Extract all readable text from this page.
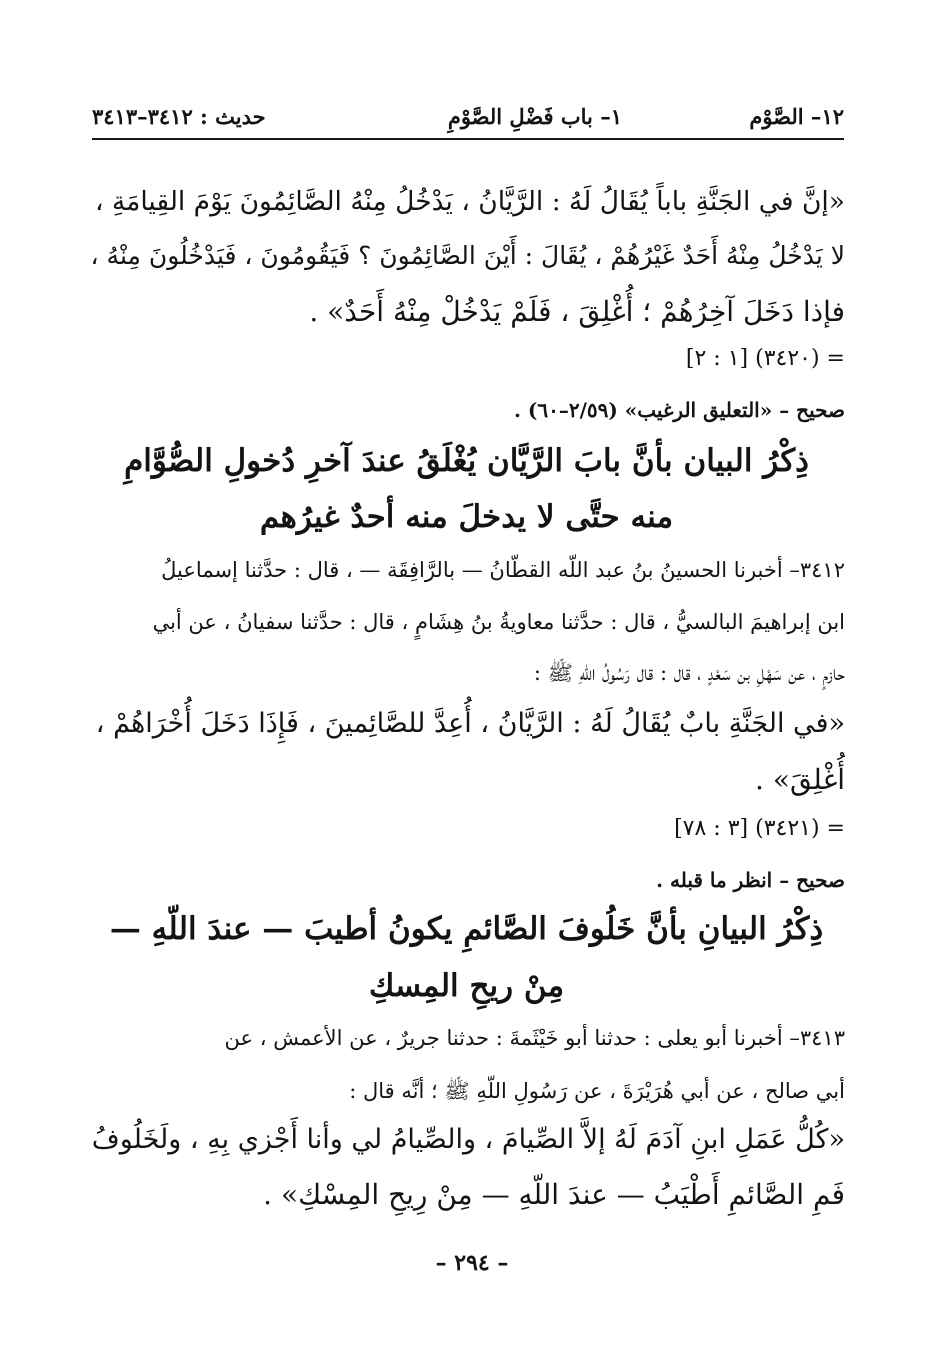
١٢– الصَّوْم
١– باب فَضْلِ الصَّوْمِ
حديث : ٣٤١٢–٣٤١٣
«إنَّ في الجَنَّةِ باباً يُقَالُ لَهُ : الرَّيَّانُ ، يَدْخُلُ مِنْهُ الصَّائِمُونَ يَوْمَ القِيامَةِ ،
لا يَدْخُلُ مِنْهُ أَحَدٌ غَيْرُهُمْ ، يُقَالَ : أَيْنَ الصَّائِمُونَ ؟ فَيَقُومُونَ ، فَيَدْخُلُونَ مِنْهُ ،
فإذا دَخَلَ آخِرُهُمْ ؛ أُغْلِقَ ، فَلَمْ يَدْخُلْ مِنْهُ أَحَدٌ» .
= (٣٤٢٠) [١ : ٢]
صحيح – «التعليق الرغيب» (٢/٥٩–٦٠) .
ذِكْرُ البيان بأنَّ بابَ الرَّيَّان يُغْلَقُ عندَ آخرِ دُخولِ الصُّوَّامِ
منه حتَّى لا يدخلَ منه أحدٌ غيرُهم
٣٤١٢– أخبرنا الحسينُ بنُ عبد اللّه القطّانُ — بالرَّافِقَة — ، قال : حدَّثنا إسماعيلُ
ابن إبراهيمَ البالسيُّ ، قال : حدَّثنا معاويةُ بنُ هِشَامٍ ، قال : حدَّثنا سفيانُ ، عن أبي
حازمٍ ، عن سَهْلِ بن سَعْدٍ ، قال : قال رَسُولُ اللّهِ ﷺ :
«في الجَنَّةِ بابٌ يُقَالُ لَهُ : الرَّيَّانُ ، أُعِدَّ للصَّائِمينَ ، فَإِذَا دَخَلَ أُخْرَاهُمْ ،
أُغْلِقَ» .
= (٣٤٢١) [٣ : ٧٨]
صحيح – انظر ما قبله .
ذِكْرُ البيانِ بأنَّ خَلُوفَ الصَّائمِ يكونُ أطيبَ — عندَ اللّهِ —
مِنْ ريحِ المِسكِ
٣٤١٣– أخبرنا أبو يعلى : حدثنا أبو خَيْثَمةَ : حدثنا جريرٌ ، عن الأعمش ، عن
أبي صالح ، عن أبي هُرَيْرَةَ ، عن رَسُولِ اللّهِ ﷺ ؛ أنَّه قال :
«كُلُّ عَمَلِ ابنِ آدَمَ لَهُ إلاَّ الصِّيامَ ، والصِّيامُ لي وأنا أَجْزي بِهِ ، ولَخَلُوفُ
فَمِ الصَّائمِ أَطْيَبُ — عندَ اللّهِ — مِنْ رِيحِ المِسْكِ» .
– ٢٩٤ –
